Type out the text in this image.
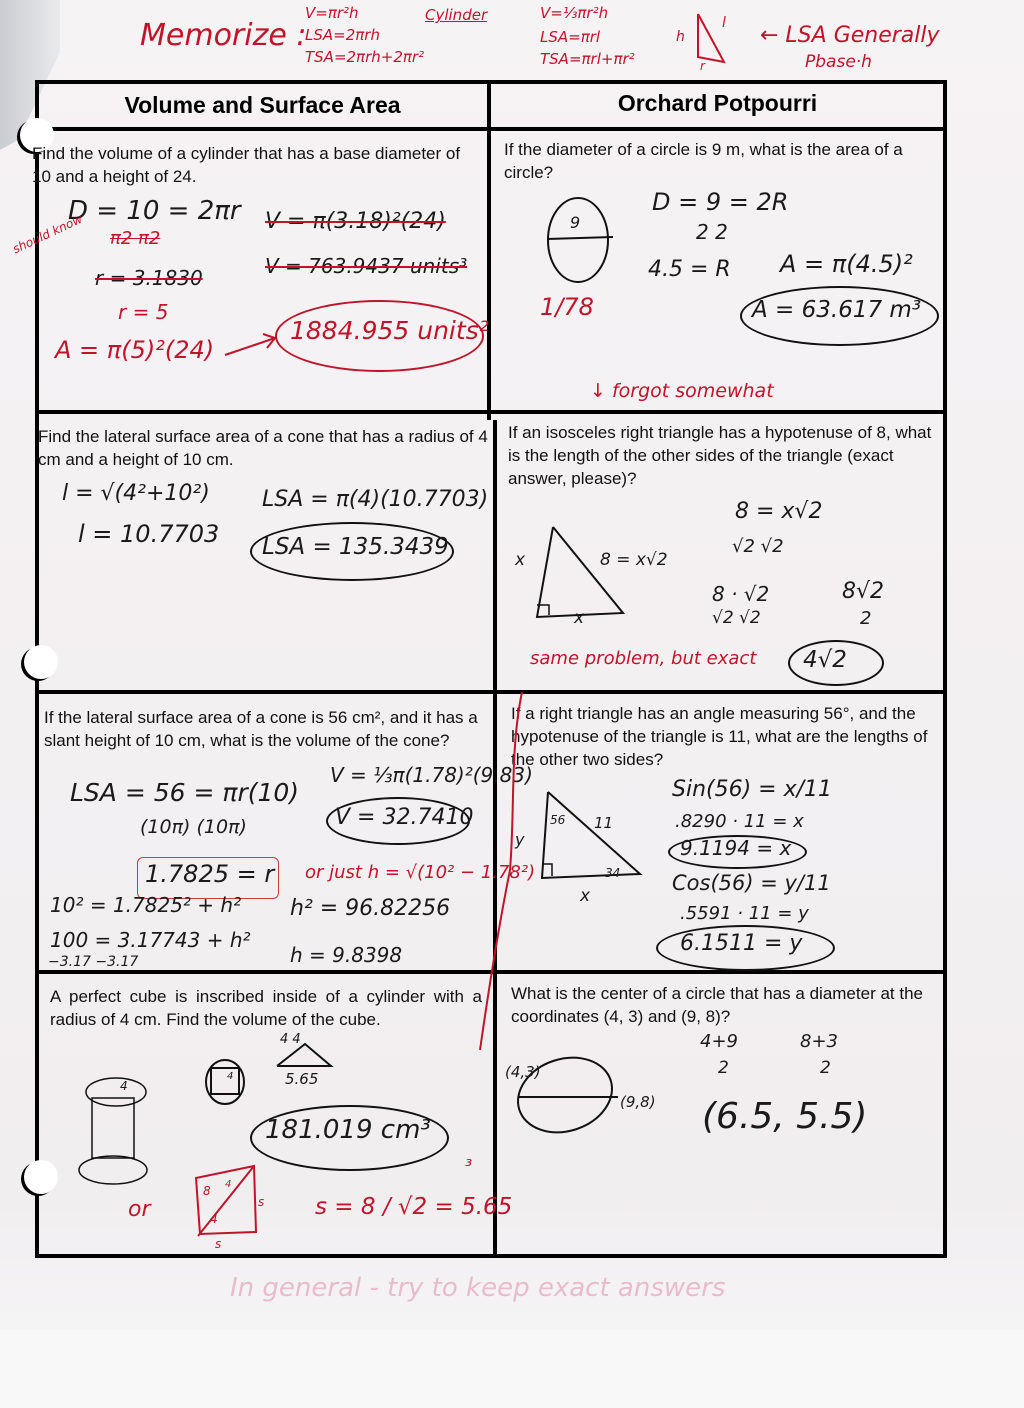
Memorize :
V=πr²h	Cylinder
LSA=2πrh
TSA=2πrh+2πr²
V=⅓πr²h
LSA=πrl
TSA=πrl+πr²
h
l
r
← LSA Generally
Pbase·h
Volume and Surface Area	Orchard Potpourri
Find the volume of a cylinder that has a base diameter of 10 and a height of 24.
D = 10 = 2πr
π2 π2
should know
r = 3.1830
r = 5
A = π(5)²(24)
V = π(3.18)²(24)
V = 763.9437 units³
1884.955 units²
If the diameter of a circle is 9 m, what is the area of a circle?
9
D = 9 = 2R
2 2
4.5 = R A = π(4.5)²
A = 63.617 m³
1/78
↓ forgot somewhat
Find the lateral surface area of a cone that has a radius of 4 cm and a height of 10 cm.
l = √(4²+10²)
l = 10.7703
LSA = π(4)(10.7703)
LSA = 135.3439
If an isosceles right triangle has a hypotenuse of 8, what is the length of the other sides of the triangle (exact answer, please)?
x
x
8 = x√2
8 = x√2
√2 √2
8 · √2
√2 √2
8√2
2
4√2
same problem, but exact
If the lateral surface area of a cone is 56 cm², and it has a slant height of 10 cm, what is the volume of the cone?
LSA = 56 = πr(10)
(10π) (10π)
V = ⅓π(1.78)²(9.83)
V = 32.7410
1.7825 = r or just h = √(10² − 1.78²)
10² = 1.7825² + h²
100 = 3.17743 + h²
−3.17 −3.17
h² = 96.82256
h = 9.8398
If a right triangle has an angle measuring 56°, and the hypotenuse of the triangle is 11, what are the lengths of the other two sides?
56
34
11
x
y
Sin(56) = x/11
.8290 · 11 = x
9.1194 = x
Cos(56) = y/11
.5591 · 11 = y
6.1511 = y
A perfect cube is inscribed inside of a cylinder with a radius of 4 cm. Find the volume of the cube.
4
4
4 4
5.65
181.019 cm³
or
8 4
4
s
s
s = 8 / √2 = 5.65
³
What is the center of a circle that has a diameter at the coordinates (4, 3) and (9, 8)?
(4,3)
(9,8)
4+9
2
8+3
2
(6.5, 5.5)
In general - try to keep exact answers
